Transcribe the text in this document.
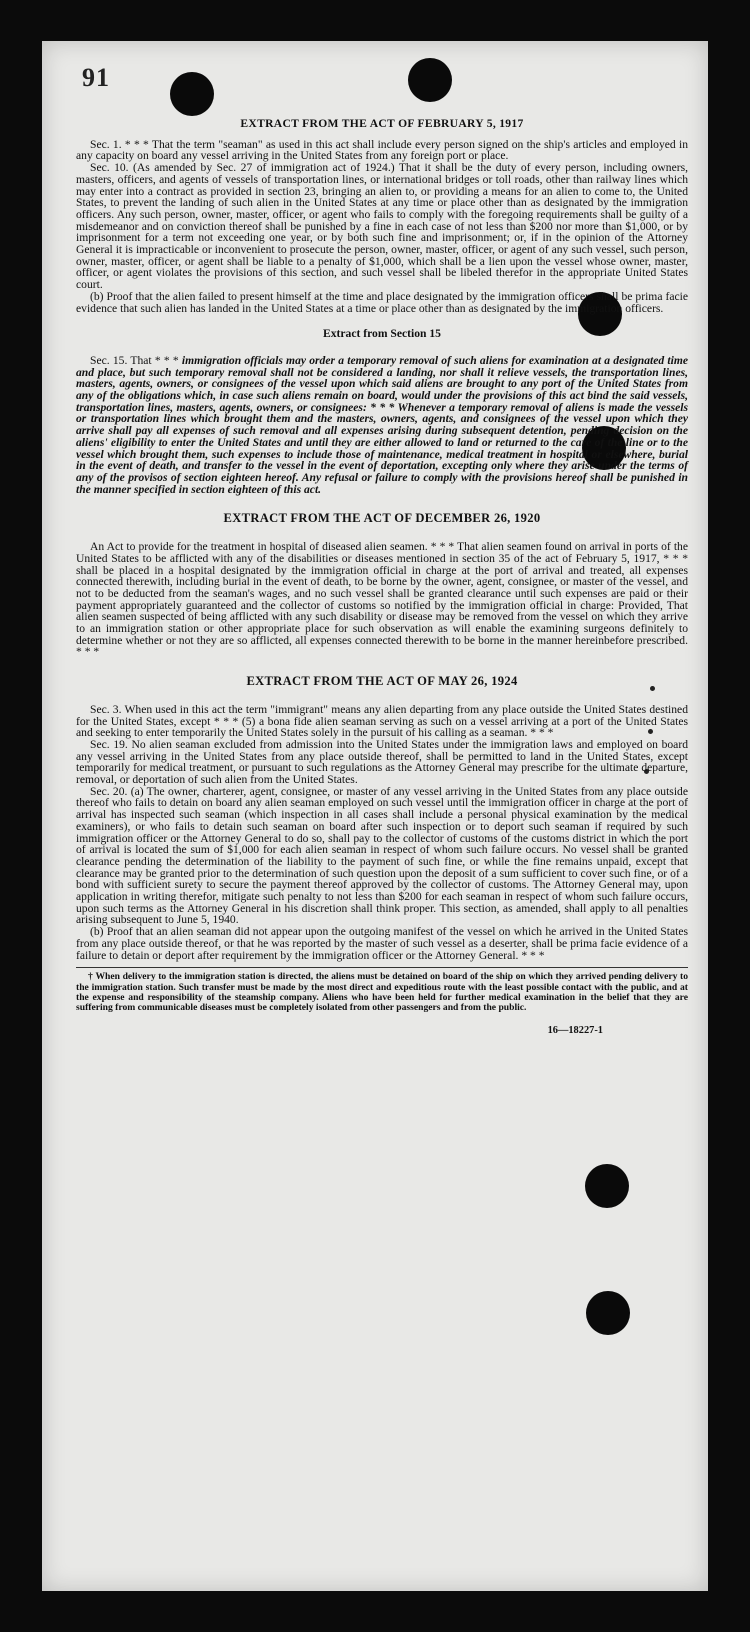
91
EXTRACT FROM THE ACT OF FEBRUARY 5, 1917

Sec. 1. * * * That the term "seaman" as used in this act shall include every person signed on the ship's articles and employed in any capacity on board any vessel arriving in the United States from any foreign port or place.

Sec. 10. (As amended by Sec. 27 of immigration act of 1924.) That it shall be the duty of every person, including owners, masters, officers, and agents of vessels of transportation lines, or international bridges or toll roads, other than railway lines which may enter into a contract as provided in section 23, bringing an alien to, or providing a means for an alien to come to, the United States, to prevent the landing of such alien in the United States at any time or place other than as designated by the immigration officers. Any such person, owner, master, officer, or agent who fails to comply with the foregoing requirements shall be guilty of a misdemeanor and on conviction thereof shall be punished by a fine in each case of not less than $200 nor more than $1,000, or by imprisonment for a term not exceeding one year, or by both such fine and imprisonment; or, if in the opinion of the Attorney General it is impracticable or inconvenient to prosecute the person, owner, master, officer, or agent of any such vessel, such person, owner, master, officer, or agent shall be liable to a penalty of $1,000, which shall be a lien upon the vessel whose owner, master, officer, or agent violates the provisions of this section, and such vessel shall be libeled therefor in the appropriate United States court.

(b) Proof that the alien failed to present himself at the time and place designated by the immigration officers shall be prima facie evidence that such alien has landed in the United States at a time or place other than as designated by the immigration officers.

Extract from Section 15

Sec. 15. That * * * immigration officials may order a temporary removal of such aliens for examination at a designated time and place, but such temporary removal shall not be considered a landing, nor shall it relieve vessels, the transportation lines, masters, agents, owners, or consignees of the vessel upon which said aliens are brought to any port of the United States from any of the obligations which, in case such aliens remain on board, would under the provisions of this act bind the said vessels, transportation lines, masters, agents, owners, or consignees: * * * Whenever a temporary removal of aliens is made the vessels or transportation lines which brought them and the masters, owners, agents, and consignees of the vessel upon which they arrive shall pay all expenses of such removal and all expenses arising during subsequent detention, pending decision on the aliens' eligibility to enter the United States and until they are either allowed to land or returned to the care of the line or to the vessel which brought them, such expenses to include those of maintenance, medical treatment in hospital or elsewhere, burial in the event of death, and transfer to the vessel in the event of deportation, excepting only where they arise under the terms of any of the provisos of section eighteen hereof. Any refusal or failure to comply with the provisions hereof shall be punished in the manner specified in section eighteen of this act.

EXTRACT FROM THE ACT OF DECEMBER 26, 1920

An Act to provide for the treatment in hospital of diseased alien seamen. * * * That alien seamen found on arrival in ports of the United States to be afflicted with any of the disabilities or diseases mentioned in section 35 of the act of February 5, 1917, * * * shall be placed in a hospital designated by the immigration official in charge at the port of arrival and treated, all expenses connected therewith, including burial in the event of death, to be borne by the owner, agent, consignee, or master of the vessel, and not to be deducted from the seaman's wages, and no such vessel shall be granted clearance until such expenses are paid or their payment appropriately guaranteed and the collector of customs so notified by the immigration official in charge: Provided, That alien seamen suspected of being afflicted with any such disability or disease may be removed from the vessel on which they arrive to an immigration station or other appropriate place for such observation as will enable the examining surgeons definitely to determine whether or not they are so afflicted, all expenses connected therewith to be borne in the manner hereinbefore prescribed. * * *

EXTRACT FROM THE ACT OF MAY 26, 1924

Sec. 3. When used in this act the term "immigrant" means any alien departing from any place outside the United States destined for the United States, except * * * (5) a bona fide alien seaman serving as such on a vessel arriving at a port of the United States and seeking to enter temporarily the United States solely in the pursuit of his calling as a seaman. * * *

Sec. 19. No alien seaman excluded from admission into the United States under the immigration laws and employed on board any vessel arriving in the United States from any place outside thereof, shall be permitted to land in the United States, except temporarily for medical treatment, or pursuant to such regulations as the Attorney General may prescribe for the ultimate departure, removal, or deportation of such alien from the United States.

Sec. 20. (a) The owner, charterer, agent, consignee, or master of any vessel arriving in the United States from any place outside thereof who fails to detain on board any alien seaman employed on such vessel until the immigration officer in charge at the port of arrival has inspected such seaman (which inspection in all cases shall include a personal physical examination by the medical examiners), or who fails to detain such seaman on board after such inspection or to deport such seaman if required by such immigration officer or the Attorney General to do so, shall pay to the collector of customs of the customs district in which the port of arrival is located the sum of $1,000 for each alien seaman in respect of whom such failure occurs. No vessel shall be granted clearance pending the determination of the liability to the payment of such fine, or while the fine remains unpaid, except that clearance may be granted prior to the determination of such question upon the deposit of a sum sufficient to cover such fine, or of a bond with sufficient surety to secure the payment thereof approved by the collector of customs. The Attorney General may, upon application in writing therefor, mitigate such penalty to not less than $200 for each seaman in respect of whom such failure occurs, upon such terms as the Attorney General in his discretion shall think proper. This section, as amended, shall apply to all penalties arising subsequent to June 5, 1940.

(b) Proof that an alien seaman did not appear upon the outgoing manifest of the vessel on which he arrived in the United States from any place outside thereof, or that he was reported by the master of such vessel as a deserter, shall be prima facie evidence of a failure to detain or deport after requirement by the immigration officer or the Attorney General. * * *

† When delivery to the immigration station is directed, the aliens must be detained on board of the ship on which they arrived pending delivery to the immigration station. Such transfer must be made by the most direct and expeditious route with the least possible contact with the public, and at the expense and responsibility of the steamship company. Aliens who have been held for further medical examination in the belief that they are suffering from communicable diseases must be completely isolated from other passengers and from the public.

16—18227-1
